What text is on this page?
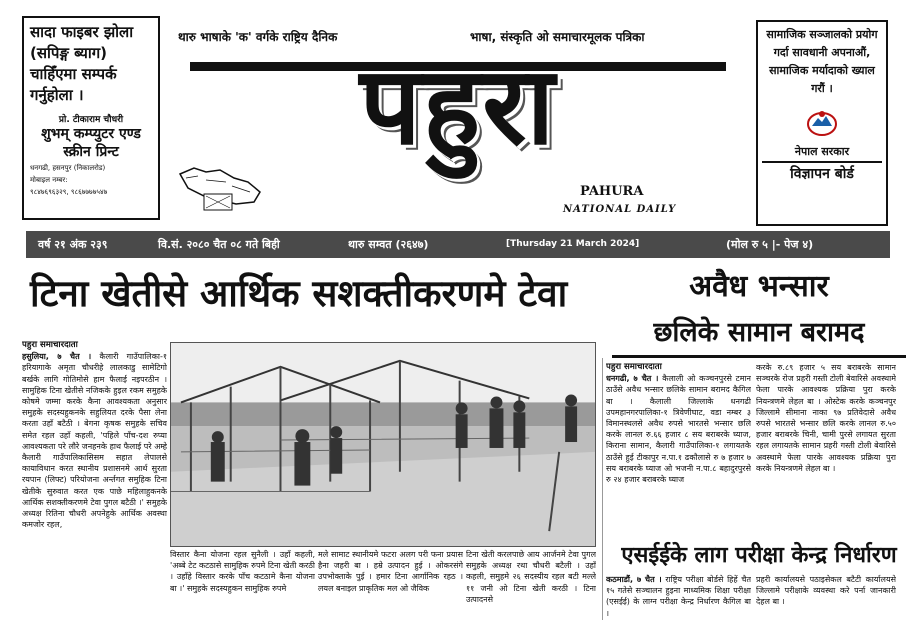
सादा फाइबर झोला (सपिङ्ग ब्याग) चाहिँएमा सम्पर्क गर्नुहोला ।
प्रो. टीकाराम चौधरी
शुभम् कम्प्युटर एण्ड स्क्रीन प्रिन्ट
धनगढी, हसनपुर (निकालरोड)
मोबाइल नम्बर:
९८४७६९६३२९, ९८६७७७७५४७
थारु भाषाके 'क' वर्गके राष्ट्रिय दैनिक	भाषा, संस्कृति ओ समाचारमूलक पत्रिका
पहुरा
PAHURA
NATIONAL DAILY
सामाजिक सञ्जालको प्रयोग गर्दा सावधानी अपनाऔं, सामाजिक मर्यादाको ख्याल गरौं ।
नेपाल सरकार
विज्ञापन बोर्ड
वर्ष २१ अंक २३९	वि.सं. २०८० चैत ०८ गते बिही	थारु सम्वत (२६४७)	[Thursday 21 March 2024]	(मोल रु ५ |- पेज ४)
टिना खेतीसे आर्थिक सशक्तीकरणमे टेवा	अवैध भन्सार
छलिके सामान बरामद
पहुरा समाचारदाता
हसुलिया, ७ चैत । कैलारी गाउँपालिका-१ हरियागाके अमृता चौधरीहे लालकाडु सामेटिगो बर्खके लागि गोतिमोसे हाम फैलाई नइपरठीन । सामुहिक टिना खेतीसे नजिकके हुइल रकम समुहके कोषमे जम्मा करके कैना आवश्यकता अनुसार समुहके सदस्यहुकनके सहुलियत दरके पैसा लेना करता उहाँ बटैठी । बेगना कृषक समुहके सचिव समेत रहल उहाँ कहली, 'पहिले पाँच-दश रुप्या आवश्यकता परे लौरे जनहनके हाथ फैलाई परे अम्हे कैलारी गाउँपालिकासिसम सहात लेपालसे कायाविधान करत स्थानीय प्रशासनमे आर्थ सुरता रयपान (लिफ्ट) परियोजना अर्न्तगत समुहिक टिना खेतीके सुरुवात करत एक पाछे महिलाहुकनके आर्थिक सशक्तीकरणमे टेवा पुगल बटैठी ।' समुहके अध्यक्ष रितिना चौधरी अपनेहुके आर्थिक अवस्था कमजोर रहल,
विस्तार कैना योजना रहल सुनैली । उहाँ कहली, 'अब्बे टेट कटठासे सामुहिक रुपमे टिना खेती करठी । उहाँहे विस्तार करके पाँच कटठामे कैना योजना बा ।' समुहके सदस्यहुकन सामुहिक रुपमे
मले सामाट स्थानीयमे फटरा अलग परी फना प्रयास हैना जहरी बा । हम्रे उत्पादन हुई । ओकरसंगे उपभोक्ताके पुई । हमार टिना आर्गानिक रहठ । लयल बनाइल प्राकृतिक मल ओ जैविक
टिना खेती करलपाछे आय आर्जनमे टेवा पुगल समुहके अध्यक्ष रथा चौधरी बटैली । उहाँ कहली, समुहमे २६ सदस्यीय रहल बटी मल्ले ११ जनी ओ टिना खेती करठी । टिना उत्पादनसे
पहुरा समाचारदाता
धनगढी, ७ चैत । कैलाली ओ कञ्चनपुरसे टमान ठाउँसे अवैध भन्सार छलिके सामान बरामद कैगिल बा । कैलाली जिल्लाके धनगढी उपमहानगरपालिका-१ त्रिवेणीघाट, वडा नम्बर ३ विमानस्थलसे अवैध रुपसे भारतसे भन्सार छलि करके लानल रु.६६ हजार ८ सय बराबरके घ्याज, किराना सामान, कैलारी गाउँपालिका-१ लगायतके ठाउँसे हुई टीकापुर न.पा.१ ढकौलासे रु ७ हजार ७ सय बराबरके घ्याज ओ भजनी न.पा.८ बहादुरपुरसे रु २४ हजार बराबरके घ्याज
करके रु.८९ हजार ५ सय बराबरके सामान सञ्चरके रोज प्रहरी गस्ती टोली बेवारिसे अवस्थामे फेला पारके आवश्यक प्रक्रिया पुरा करके नियन्त्रणमे लेहल बा । ओस्टेक करके कञ्चनपुर जिल्लामे सीमाना नाका ९७ प्रतिवेदासे अवैध रुपसे भारतसे भन्सार छलि करके लानल रु.५० हजार बराबरके चिनी, चामी पुरसे लगायत सुरता रहल लगायतके सामान प्रहरी गस्ती टोली बेवारिसे अवस्थामे फेला पारके आवश्यक प्रक्रिया पुरा करके नियन्त्रणमे लेहल बा ।
एसईईके लाग परीक्षा केन्द्र निर्धारण
कठमाडौं, ७ चैत । राष्ट्रिय परीक्षा बोर्डसे हिहें चैत १५ गतेसे सञ्चालन हुइना माध्यमिक शिक्षा परीक्षा (एसईई) के लाग्न परीक्षा केन्द्र निर्धारण कैगिल बा ।
प्रहरी कार्यालयसे पठाइसेकल बटैटी कार्यालयसे जिल्लामे परीक्षाके व्यवस्था करे पर्ना जानकारी देहल बा ।
